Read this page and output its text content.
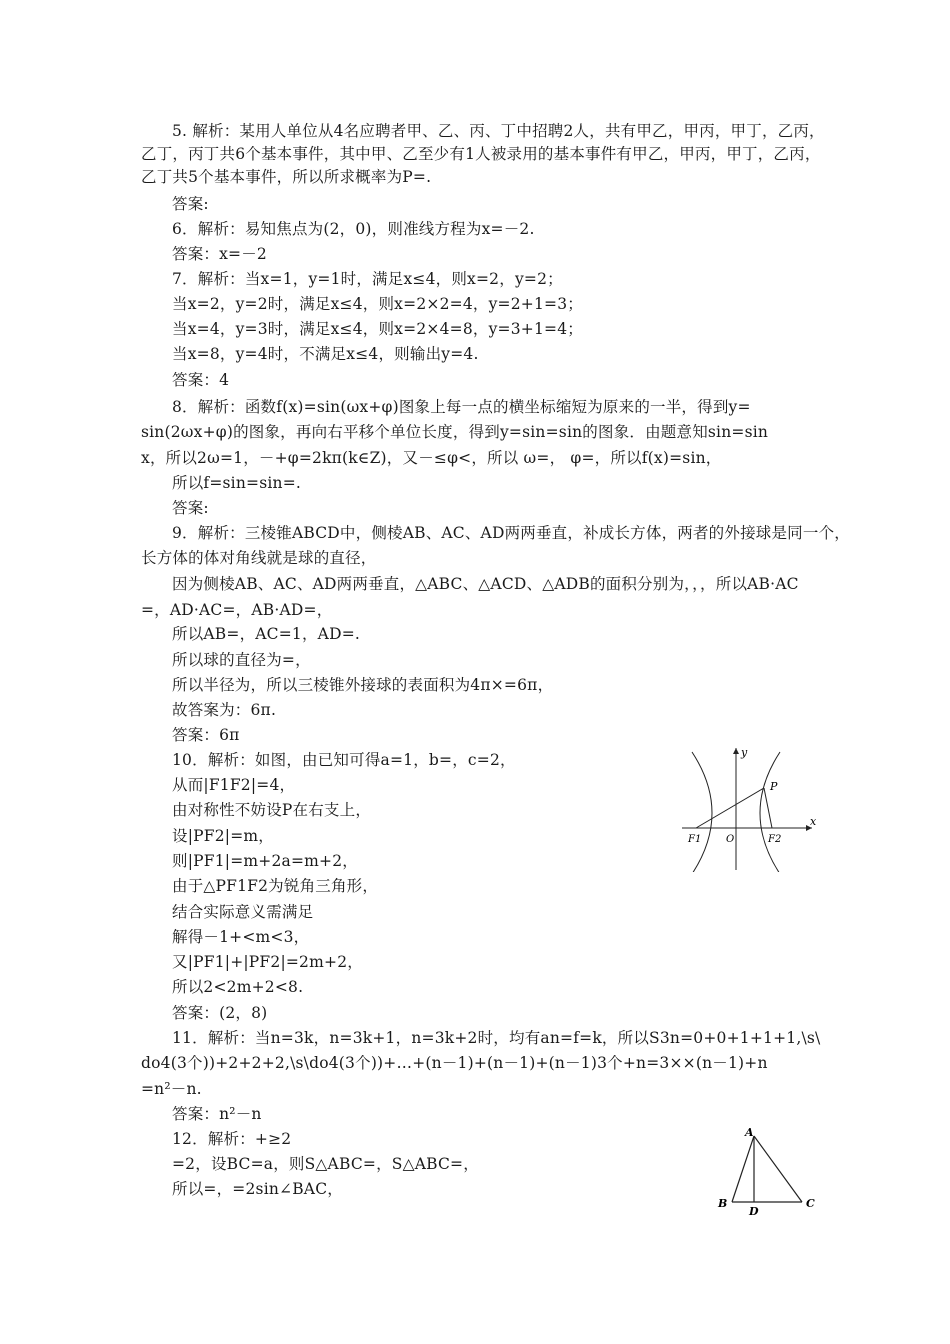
5. 解析：某用人单位从4名应聘者甲、乙、丙、丁中招聘2人，共有甲乙，甲丙，甲丁，乙丙，
乙丁，丙丁共6个基本事件，其中甲、乙至少有1人被录用的基本事件有甲乙，甲丙，甲丁，乙丙，
乙丁共5个基本事件，所以所求概率为P=.
答案:
6．解析：易知焦点为(2，0)，则准线方程为x=－2.
答案：x=－2
7．解析：当x=1，y=1时，满足x≤4，则x=2，y=2；
当x=2，y=2时，满足x≤4，则x=2×2=4，y=2+1=3；
当x=4，y=3时，满足x≤4，则x=2×4=8，y=3+1=4；
当x=8，y=4时，不满足x≤4，则输出y=4.
答案：4
8．解析：函数f(x)=sin(ωx+φ)图象上每一点的横坐标缩短为原来的一半，得到y=
sin(2ωx+φ)的图象，再向右平移个单位长度，得到y=sin=sin的图象．由题意知sin=sin
x，所以2ω=1，－+φ=2kπ(k∈Z)，又－≤φ<，所以 ω=， φ=，所以f(x)=sin，
所以f=sin=sin=.
答案:
9．解析：三棱锥ABCD中，侧棱AB、AC、AD两两垂直，补成长方体，两者的外接球是同一个，
长方体的体对角线就是球的直径，
因为侧棱AB、AC、AD两两垂直，△ABC、△ACD、△ADB的面积分别为，，，所以AB·AC
=，AD·AC=，AB·AD=，
所以AB=，AC=1，AD=.
所以球的直径为=，
所以半径为，所以三棱锥外接球的表面积为4π×=6π，
故答案为：6π.
答案：6π
10．解析：如图，由已知可得a=1，b=，c=2，
从而|F1F2|=4，
由对称性不妨设P在右支上，
设|PF2|=m，
则|PF1|=m+2a=m+2，
由于△PF1F2为锐角三角形，
结合实际意义需满足
解得－1+<m<3，
又|PF1|+|PF2|=2m+2，
所以2<2m+2<8.
答案：(2，8)
11．解析：当n=3k，n=3k+1，n=3k+2时，均有an=f=k，所以S3n=0+0+1+1+1,\s\
do4(3个))+2+2+2,\s\do4(3个))+…+(n－1)+(n－1)+(n－1)3个+n=3××(n－1)+n
=n²－n.
答案：n²－n
12．解析：+≥2
=2，设BC=a，则S△ABC=，S△ABC=，
所以=，=2sin∠BAC，
y
x
P
F1 O	F2
A
B
D
C
